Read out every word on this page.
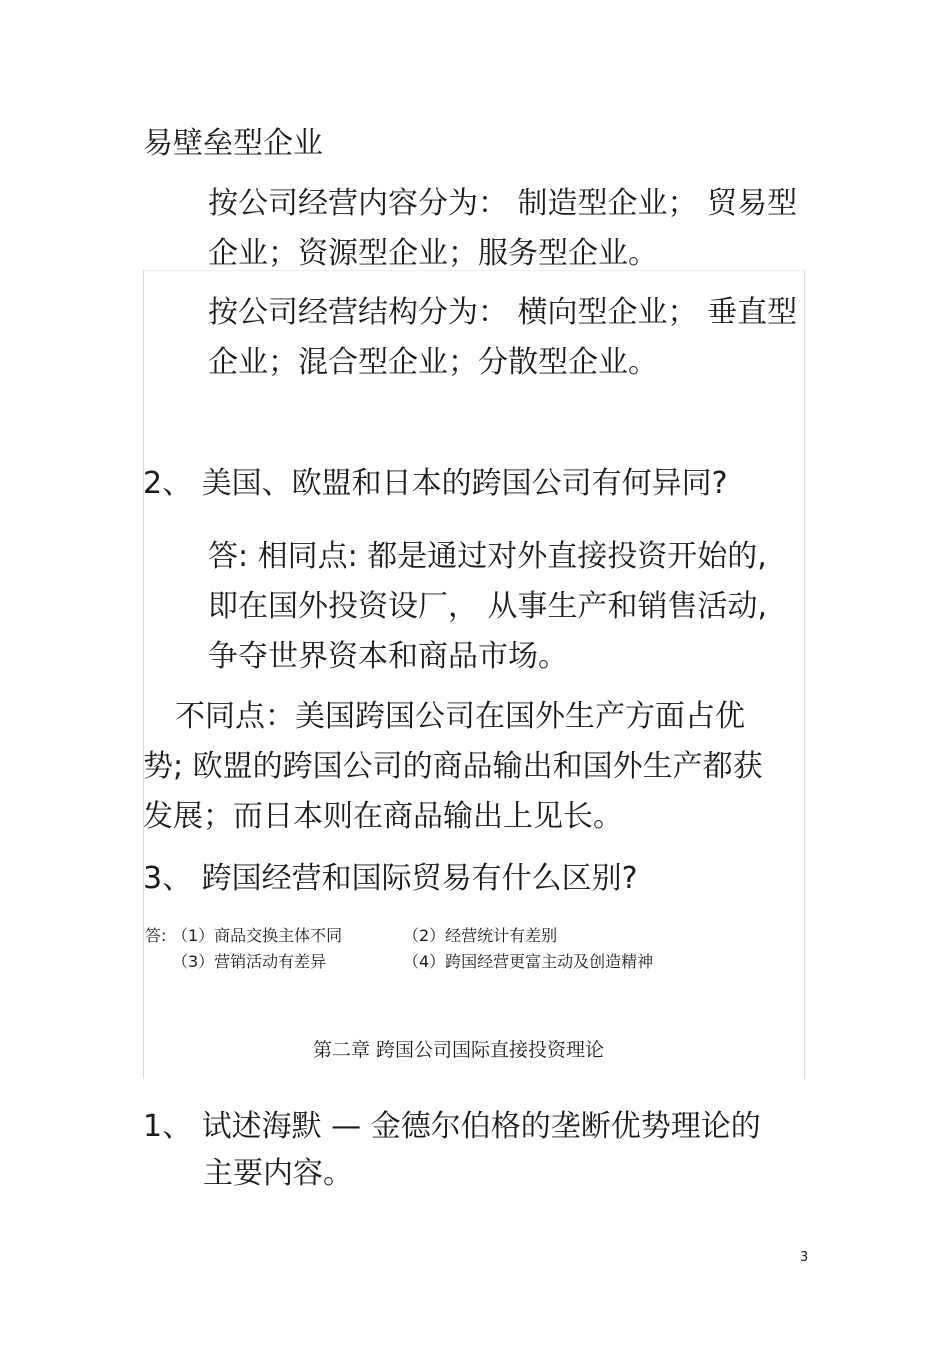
易壁垒型企业
按公司经营内容分为： 制造型企业； 贸易型
企业；资源型企业；服务型企业。
按公司经营结构分为： 横向型企业； 垂直型
企业；混合型企业；分散型企业。
2、 美国、欧盟和日本的跨国公司有何异同?
答: 相同点: 都是通过对外直接投资开始的,
即在国外投资设厂， 从事生产和销售活动,
争夺世界资本和商品市场。
不同点：美国跨国公司在国外生产方面占优
势; 欧盟的跨国公司的商品输出和国外生产都获
发展；而日本则在商品输出上见长。
3、 跨国经营和国际贸易有什么区别?
答: （1）商品交换主体不同	（2）经营统计有差别
（3）营销活动有差异	（4）跨国经营更富主动及创造精神
第二章 跨国公司国际直接投资理论
1、 试述海默 — 金德尔伯格的垄断优势理论的
主要内容。
3
